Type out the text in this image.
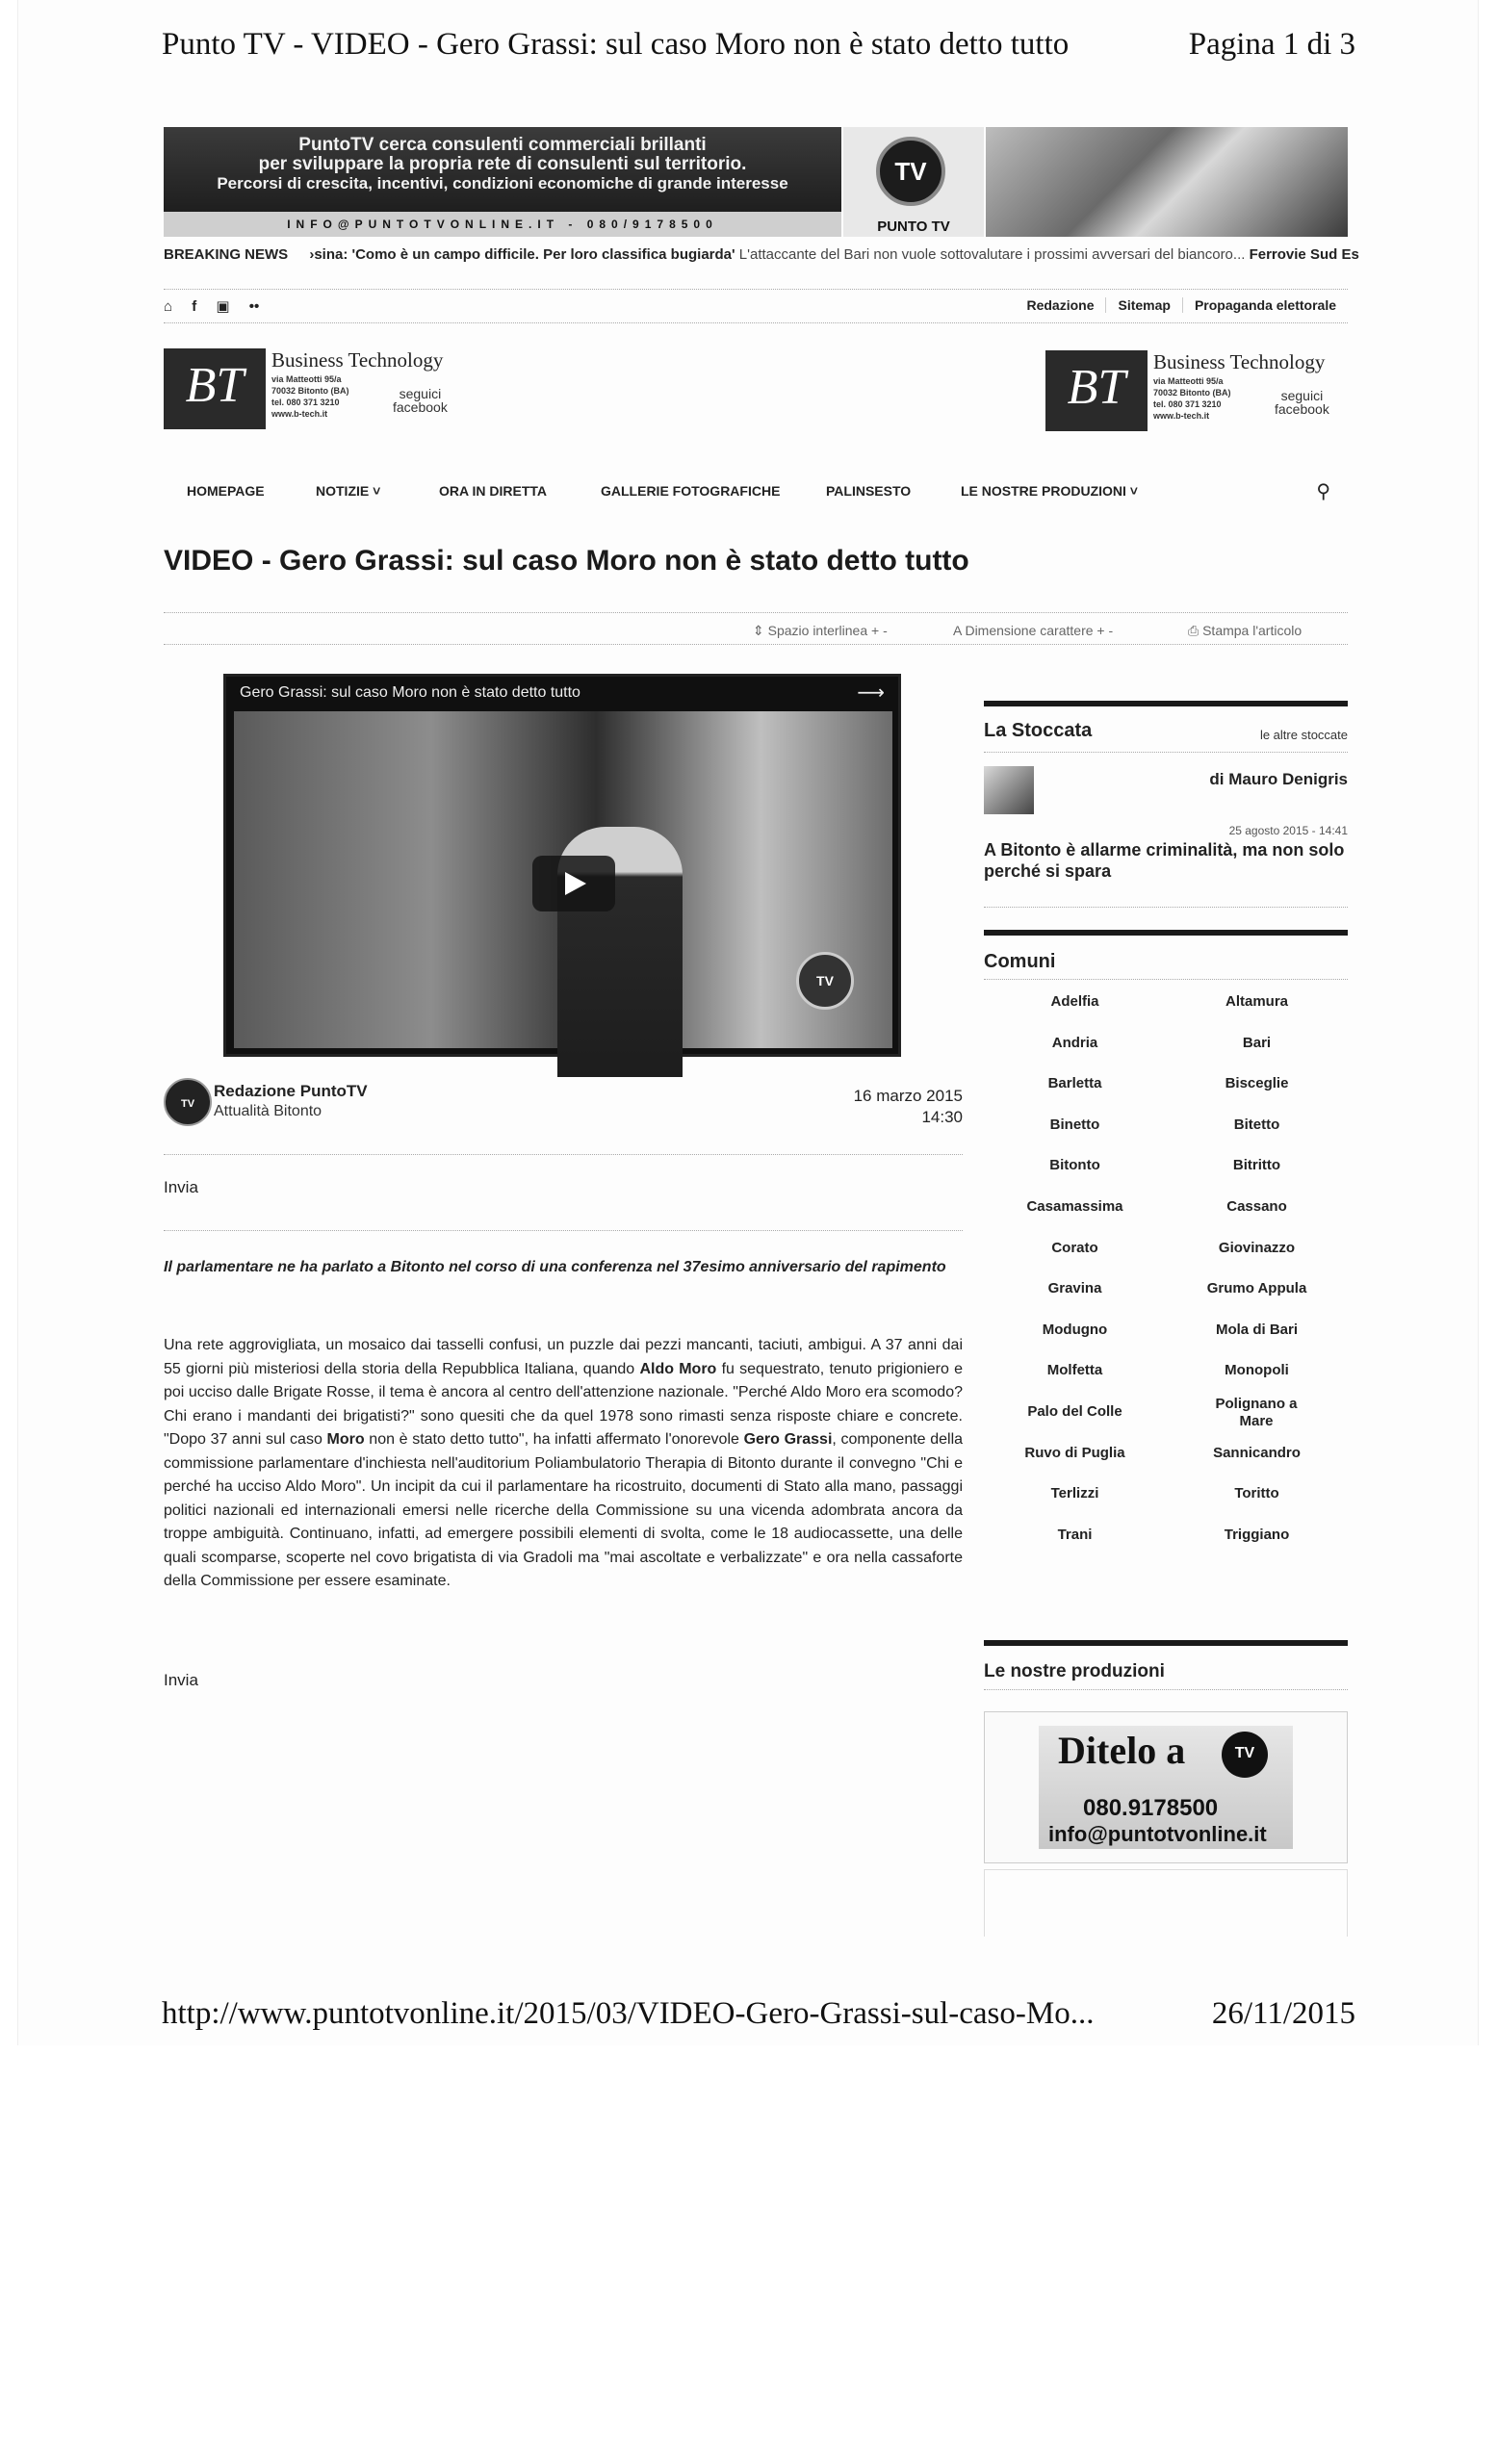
Punto TV - VIDEO - Gero Grassi: sul caso Moro non è stato detto tutto	Pagina 1 di 3
PuntoTV cerca consulenti commerciali brillanti
per sviluppare la propria rete di consulenti sul territorio.
Percorsi di crescita, incentivi, condizioni economiche di grande interesse
INFO@PUNTOTVONLINE.IT - 080/9178500
TV
PUNTO TV
BREAKING NEWS ›sina: 'Como è un campo difficile. Per loro classifica bugiarda' L'attaccante del Bari non vuole sottovalutare i prossimi avversari del biancoro... Ferrovie Sud Es
⌂ f ▣ ••	Redazione Sitemap Propaganda elettorale
BT	Business Technology
via Matteotti 95/a
70032 Bitonto (BA)
tel. 080 371 3210
www.b-tech.it
seguici
facebook	BT	Business Technology
via Matteotti 95/a
70032 Bitonto (BA)
tel. 080 371 3210
www.b-tech.it
seguici
facebook
HOMEPAGE	NOTIZIE ˅	ORA IN DIRETTA	GALLERIE FOTOGRAFICHE	PALINSESTO	LE NOSTRE PRODUZIONI ˅	⚲
VIDEO - Gero Grassi: sul caso Moro non è stato detto tutto
⇕ Spazio interlinea + -	A Dimensione carattere + -	⎙ Stampa l'articolo
Gero Grassi: sul caso Moro non è stato detto tutto	⟶
TV
TV
Redazione PuntoTV
Attualità Bitonto
16 marzo 2015
14:30
Invia
Il parlamentare ne ha parlato a Bitonto nel corso di una conferenza nel 37esimo anniversario del rapimento
Una rete aggrovigliata, un mosaico dai tasselli confusi, un puzzle dai pezzi mancanti, taciuti, ambigui. A 37 anni dai 55 giorni più misteriosi della storia della Repubblica Italiana, quando Aldo Moro fu sequestrato, tenuto prigioniero e poi ucciso dalle Brigate Rosse, il tema è ancora al centro dell'attenzione nazionale. "Perché Aldo Moro era scomodo? Chi erano i mandanti dei brigatisti?" sono quesiti che da quel 1978 sono rimasti senza risposte chiare e concrete. "Dopo 37 anni sul caso Moro non è stato detto tutto", ha infatti affermato l'onorevole Gero Grassi, componente della commissione parlamentare d'inchiesta nell'auditorium Poliambulatorio Therapia di Bitonto durante il convegno "Chi e perché ha ucciso Aldo Moro". Un incipit da cui il parlamentare ha ricostruito, documenti di Stato alla mano, passaggi politici nazionali ed internazionali emersi nelle ricerche della Commissione su una vicenda adombrata ancora da troppe ambiguità. Continuano, infatti, ad emergere possibili elementi di svolta, come le 18 audiocassette, una delle quali scomparse, scoperte nel covo brigatista di via Gradoli ma "mai ascoltate e verbalizzate" e ora nella cassaforte della Commissione per essere esaminate.
Invia
La Stoccata	le altre stoccate
di Mauro Denigris
25 agosto 2015 - 14:41
A Bitonto è allarme criminalità, ma non solo perché si spara
Comuni
Adelfia	Altamura
Andria	Bari
Barletta	Bisceglie
Binetto	Bitetto
Bitonto	Bitritto
Casamassima	Cassano
Corato	Giovinazzo
Gravina	Grumo Appula
Modugno	Mola di Bari
Molfetta	Monopoli
Palo del Colle	Polignano a Mare
Ruvo di Puglia	Sannicandro
Terlizzi	Toritto
Trani	Triggiano
Le nostre produzioni
Ditelo a	TV
080.9178500
info@puntotvonline.it
http://www.puntotvonline.it/2015/03/VIDEO-Gero-Grassi-sul-caso-Mo...	26/11/2015
